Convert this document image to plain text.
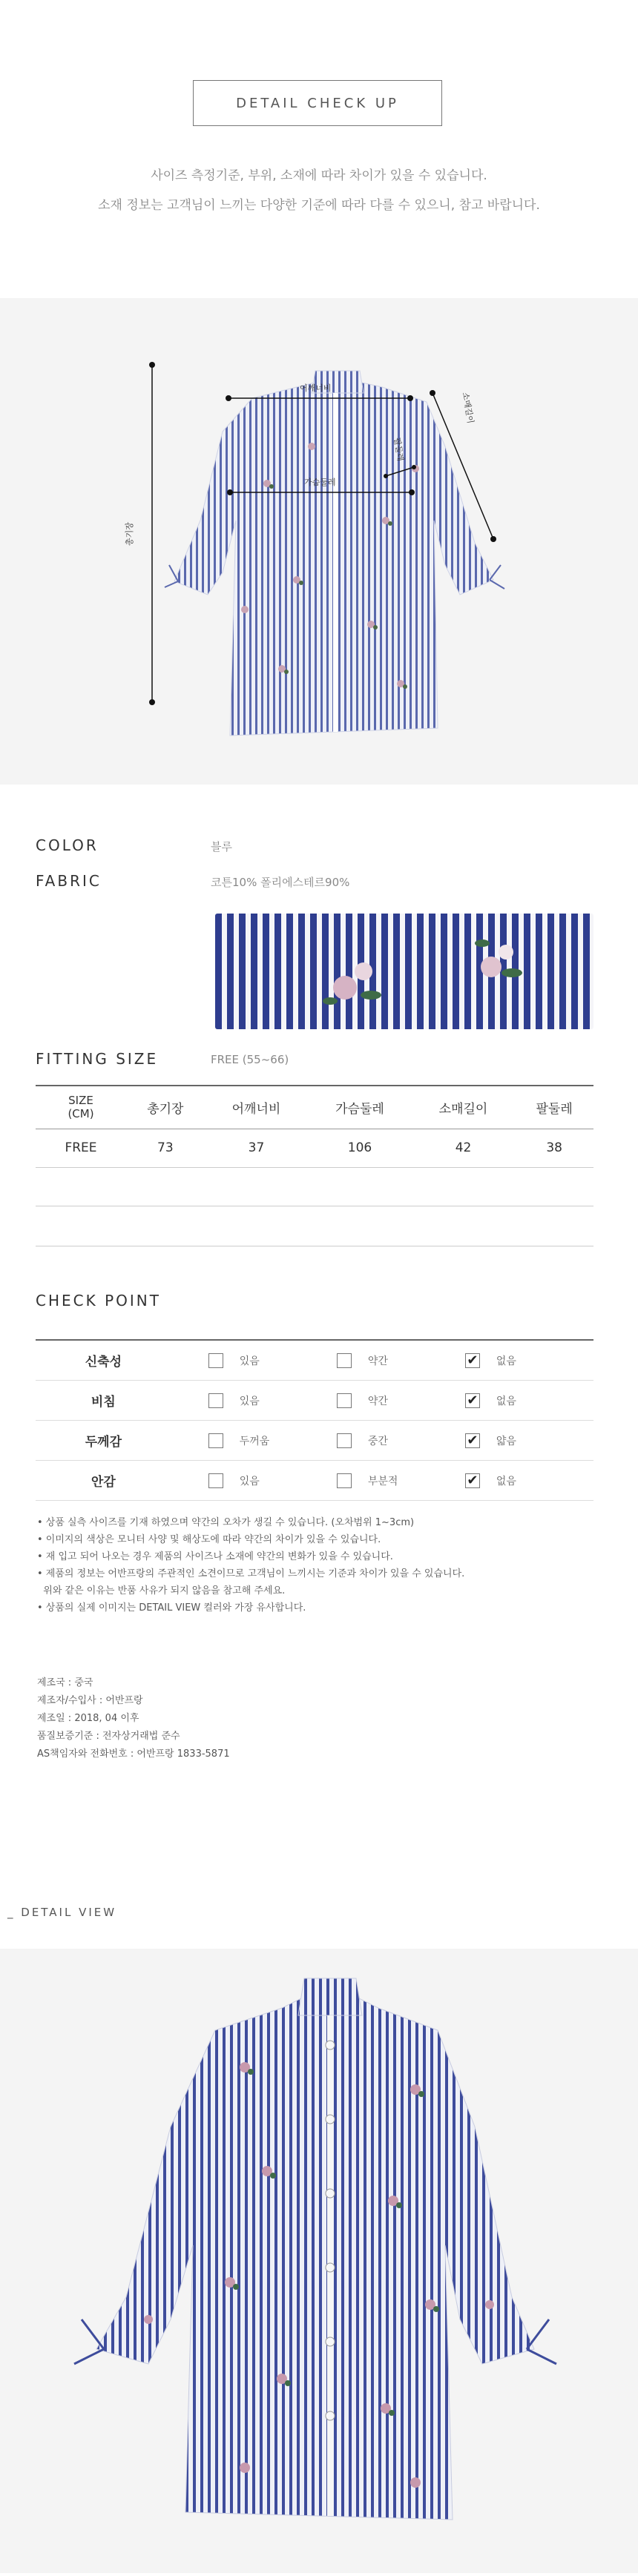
DETAIL CHECK UP
사이즈 측정기준, 부위, 소재에 따라 차이가 있을 수 있습니다.
소재 정보는 고객님이 느끼는 다양한 기준에 따라 다를 수 있으니, 참고 바랍니다.
어깨너비
가슴둘레
팔둘레
소매길이
총기장
COLOR	블루
FABRIC	코튼10% 폴리에스테르90%
FITTING SIZE	FREE (55~66)
SIZE
(CM)	총기장	어깨너비	가슴둘레	소매길이	팔둘레
FREE	73	37	106	42	38
CHECK POINT
신축성	있음	약간	✔ 없음
비침	있음	약간	✔ 없음
두께감	두꺼움	중간	✔ 얇음
안감	있음	부분적	✔ 없음
• 상품 실측 사이즈를 기재 하였으며 약간의 오차가 생길 수 있습니다. (오차범위 1~3cm)
• 이미지의 색상은 모니터 사양 및 해상도에 따라 약간의 차이가 있을 수 있습니다.
• 재 입고 되어 나오는 경우 제품의 사이즈나 소재에 약간의 변화가 있을 수 있습니다.
• 제품의 정보는 어반프랑의 주관적인 소견이므로 고객님이 느끼시는 기준과 차이가 있을 수 있습니다.
위와 같은 이유는 반품 사유가 되지 않음을 참고해 주세요.
• 상품의 실제 이미지는 DETAIL VIEW 컬러와 가장 유사합니다.
제조국 : 중국
제조자/수입사 : 어반프랑
제조일 : 2018, 04 이후
품질보증기준 : 전자상거래법 준수
AS책임자와 전화번호 : 어반프랑 1833-5871
_ DETAIL VIEW
